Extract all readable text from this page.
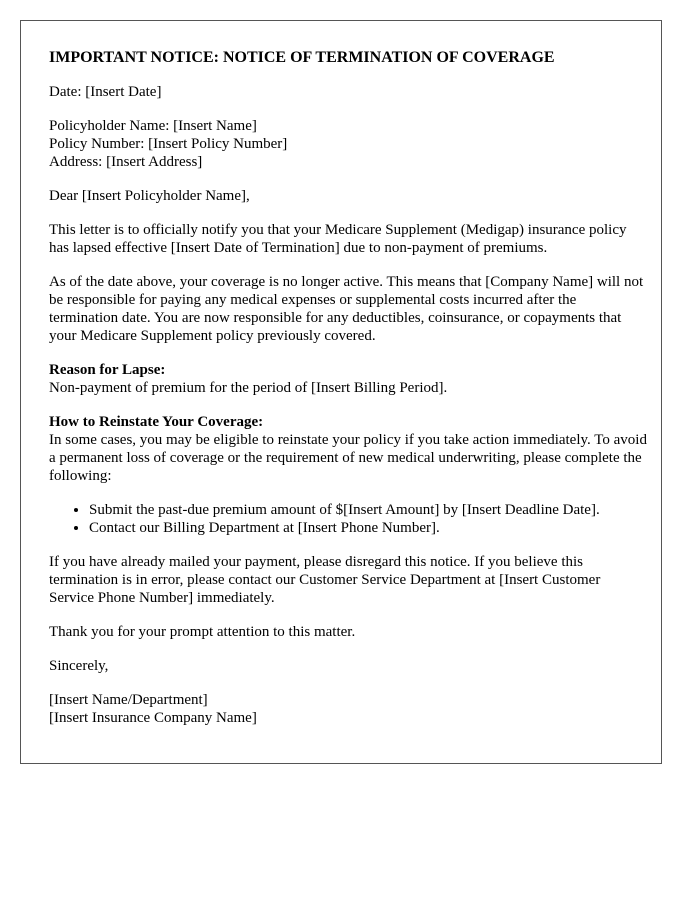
IMPORTANT NOTICE: NOTICE OF TERMINATION OF COVERAGE

Date: [Insert Date]

Policyholder Name: [Insert Name]
Policy Number: [Insert Policy Number]
Address: [Insert Address]

Dear [Insert Policyholder Name],

This letter is to officially notify you that your Medicare Supplement (Medigap) insurance policy has lapsed effective [Insert Date of Termination] due to non-payment of premiums.

As of the date above, your coverage is no longer active. This means that [Company Name] will not be responsible for paying any medical expenses or supplemental costs incurred after the termination date. You are now responsible for any deductibles, coinsurance, or copayments that your Medicare Supplement policy previously covered.

Reason for Lapse:
Non-payment of premium for the period of [Insert Billing Period].

How to Reinstate Your Coverage:
In some cases, you may be eligible to reinstate your policy if you take action immediately. To avoid a permanent loss of coverage or the requirement of new medical underwriting, please complete the following:

• Submit the past-due premium amount of $[Insert Amount] by [Insert Deadline Date].
• Contact our Billing Department at [Insert Phone Number].

If you have already mailed your payment, please disregard this notice. If you believe this termination is in error, please contact our Customer Service Department at [Insert Customer Service Phone Number] immediately.

Thank you for your prompt attention to this matter.

Sincerely,

[Insert Name/Department]
[Insert Insurance Company Name]
